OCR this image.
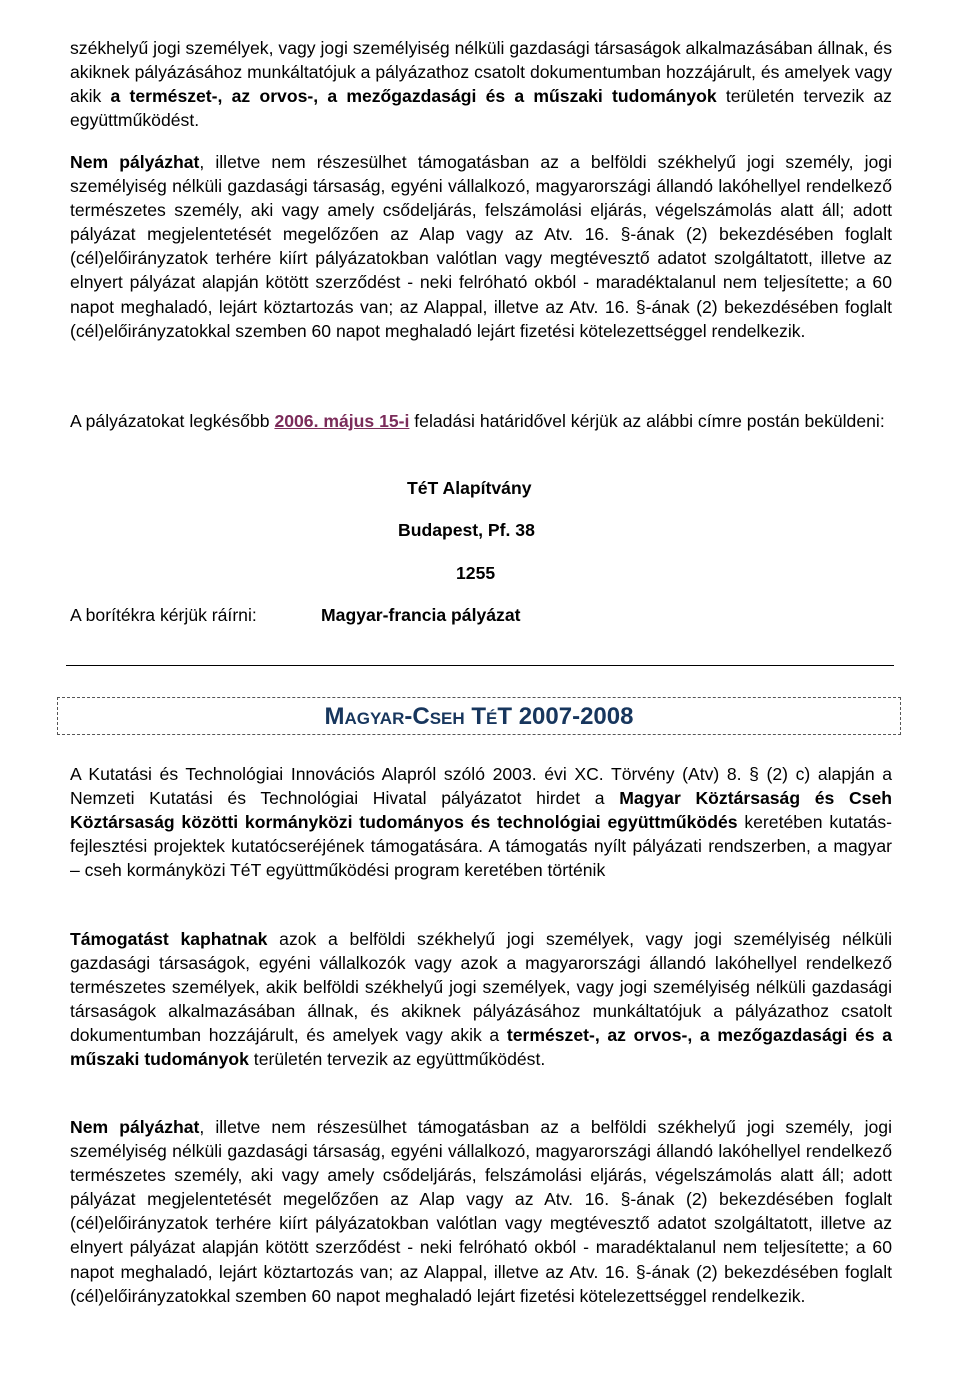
székhelyű jogi személyek, vagy jogi személyiség nélküli gazdasági társaságok alkalmazásában állnak, és akiknek pályázásához munkáltatójuk a pályázathoz csatolt dokumentumban hozzájárult, és amelyek vagy akik a természet-, az orvos-, a mezőgazdasági és a műszaki tudományok területén tervezik az együttműködést.

Nem pályázhat, illetve nem részesülhet támogatásban az a belföldi székhelyű jogi személy, jogi személyiség nélküli gazdasági társaság, egyéni vállalkozó, magyarországi állandó lakóhellyel rendelkező természetes személy, aki vagy amely csődeljárás, felszámolási eljárás, végelszámolás alatt áll; adott pályázat megjelentetését megelőzően az Alap vagy az Atv. 16. §-ának (2) bekezdésében foglalt (cél)előirányzatok terhére kiírt pályázatokban valótlan vagy megtévesztő adatot szolgáltatott, illetve az elnyert pályázat alapján kötött szerződést - neki felróható okból - maradéktalanul nem teljesítette; a 60 napot meghaladó, lejárt köztartozás van; az Alappal, illetve az Atv. 16. §-ának (2) bekezdésében foglalt (cél)előirányzatokkal szemben 60 napot meghaladó lejárt fizetési kötelezettséggel rendelkezik.

A pályázatokat legkésőbb 2006. május 15-i feladási határidővel kérjük az alábbi címre postán beküldeni:

TéT Alapítvány
Budapest, Pf. 38
1255
A borítékra kérjük ráírni:	Magyar-francia pályázat
MAGYAR-CSEH TÉT 2007-2008

A Kutatási és Technológiai Innovációs Alapról szóló 2003. évi XC. Törvény (Atv) 8. § (2) c) alapján a Nemzeti Kutatási és Technológiai Hivatal pályázatot hirdet a Magyar Köztársaság és Cseh Köztársaság közötti kormányközi tudományos és technológiai együttműködés keretében kutatás-fejlesztési projektek kutatócseréjének támogatására. A támogatás nyílt pályázati rendszerben, a magyar – cseh kormányközi TéT együttműködési program keretében történik

Támogatást kaphatnak azok a belföldi székhelyű jogi személyek, vagy jogi személyiség nélküli gazdasági társaságok, egyéni vállalkozók vagy azok a magyarországi állandó lakóhellyel rendelkező természetes személyek, akik belföldi székhelyű jogi személyek, vagy jogi személyiség nélküli gazdasági társaságok alkalmazásában állnak, és akiknek pályázásához munkáltatójuk a pályázathoz csatolt dokumentumban hozzájárult, és amelyek vagy akik a természet-, az orvos-, a mezőgazdasági és a műszaki tudományok területén tervezik az együttműködést.

Nem pályázhat, illetve nem részesülhet támogatásban az a belföldi székhelyű jogi személy, jogi személyiség nélküli gazdasági társaság, egyéni vállalkozó, magyarországi állandó lakóhellyel rendelkező természetes személy, aki vagy amely csődeljárás, felszámolási eljárás, végelszámolás alatt áll; adott pályázat megjelentetését megelőzően az Alap vagy az Atv. 16. §-ának (2) bekezdésében foglalt (cél)előirányzatok terhére kiírt pályázatokban valótlan vagy megtévesztő adatot szolgáltatott, illetve az elnyert pályázat alapján kötött szerződést - neki felróható okból - maradéktalanul nem teljesítette; a 60 napot meghaladó, lejárt köztartozás van; az Alappal, illetve az Atv. 16. §-ának (2) bekezdésében foglalt (cél)előirányzatokkal szemben 60 napot meghaladó lejárt fizetési kötelezettséggel rendelkezik.
